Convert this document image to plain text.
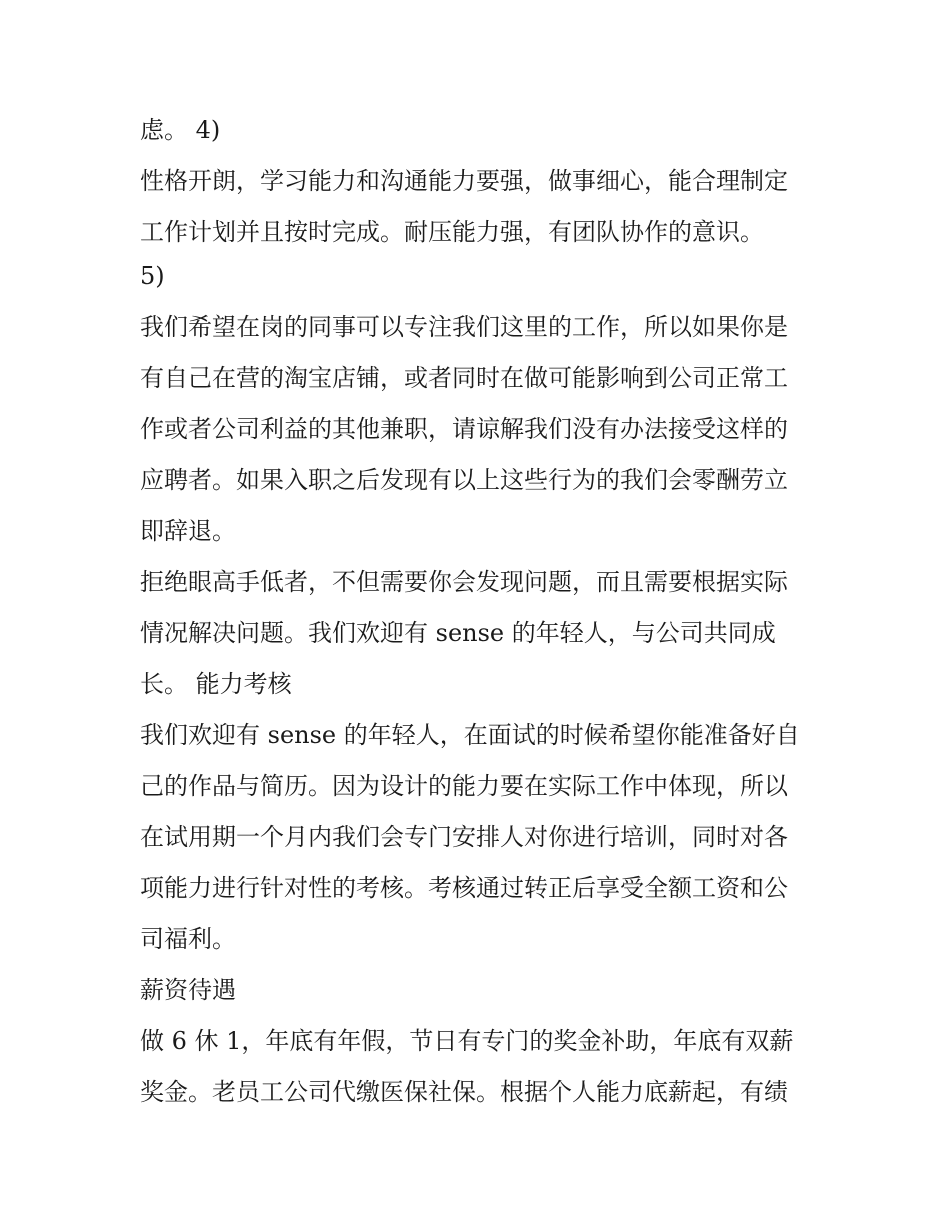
虑。 4)
性格开朗，学习能力和沟通能力要强，做事细心，能合理制定
工作计划并且按时完成。耐压能力强，有团队协作的意识。
5)
我们希望在岗的同事可以专注我们这里的工作，所以如果你是
有自己在营的淘宝店铺，或者同时在做可能影响到公司正常工
作或者公司利益的其他兼职，请谅解我们没有办法接受这样的
应聘者。如果入职之后发现有以上这些行为的我们会零酬劳立
即辞退。
拒绝眼高手低者，不但需要你会发现问题，而且需要根据实际
情况解决问题。我们欢迎有 sense 的年轻人，与公司共同成
长。 能力考核
我们欢迎有 sense 的年轻人，在面试的时候希望你能准备好自
己的作品与简历。因为设计的能力要在实际工作中体现，所以
在试用期一个月内我们会专门安排人对你进行培训，同时对各
项能力进行针对性的考核。考核通过转正后享受全额工资和公
司福利。
薪资待遇
做 6 休 1，年底有年假，节日有专门的奖金补助，年底有双薪
奖金。老员工公司代缴医保社保。根据个人能力底薪起，有绩
